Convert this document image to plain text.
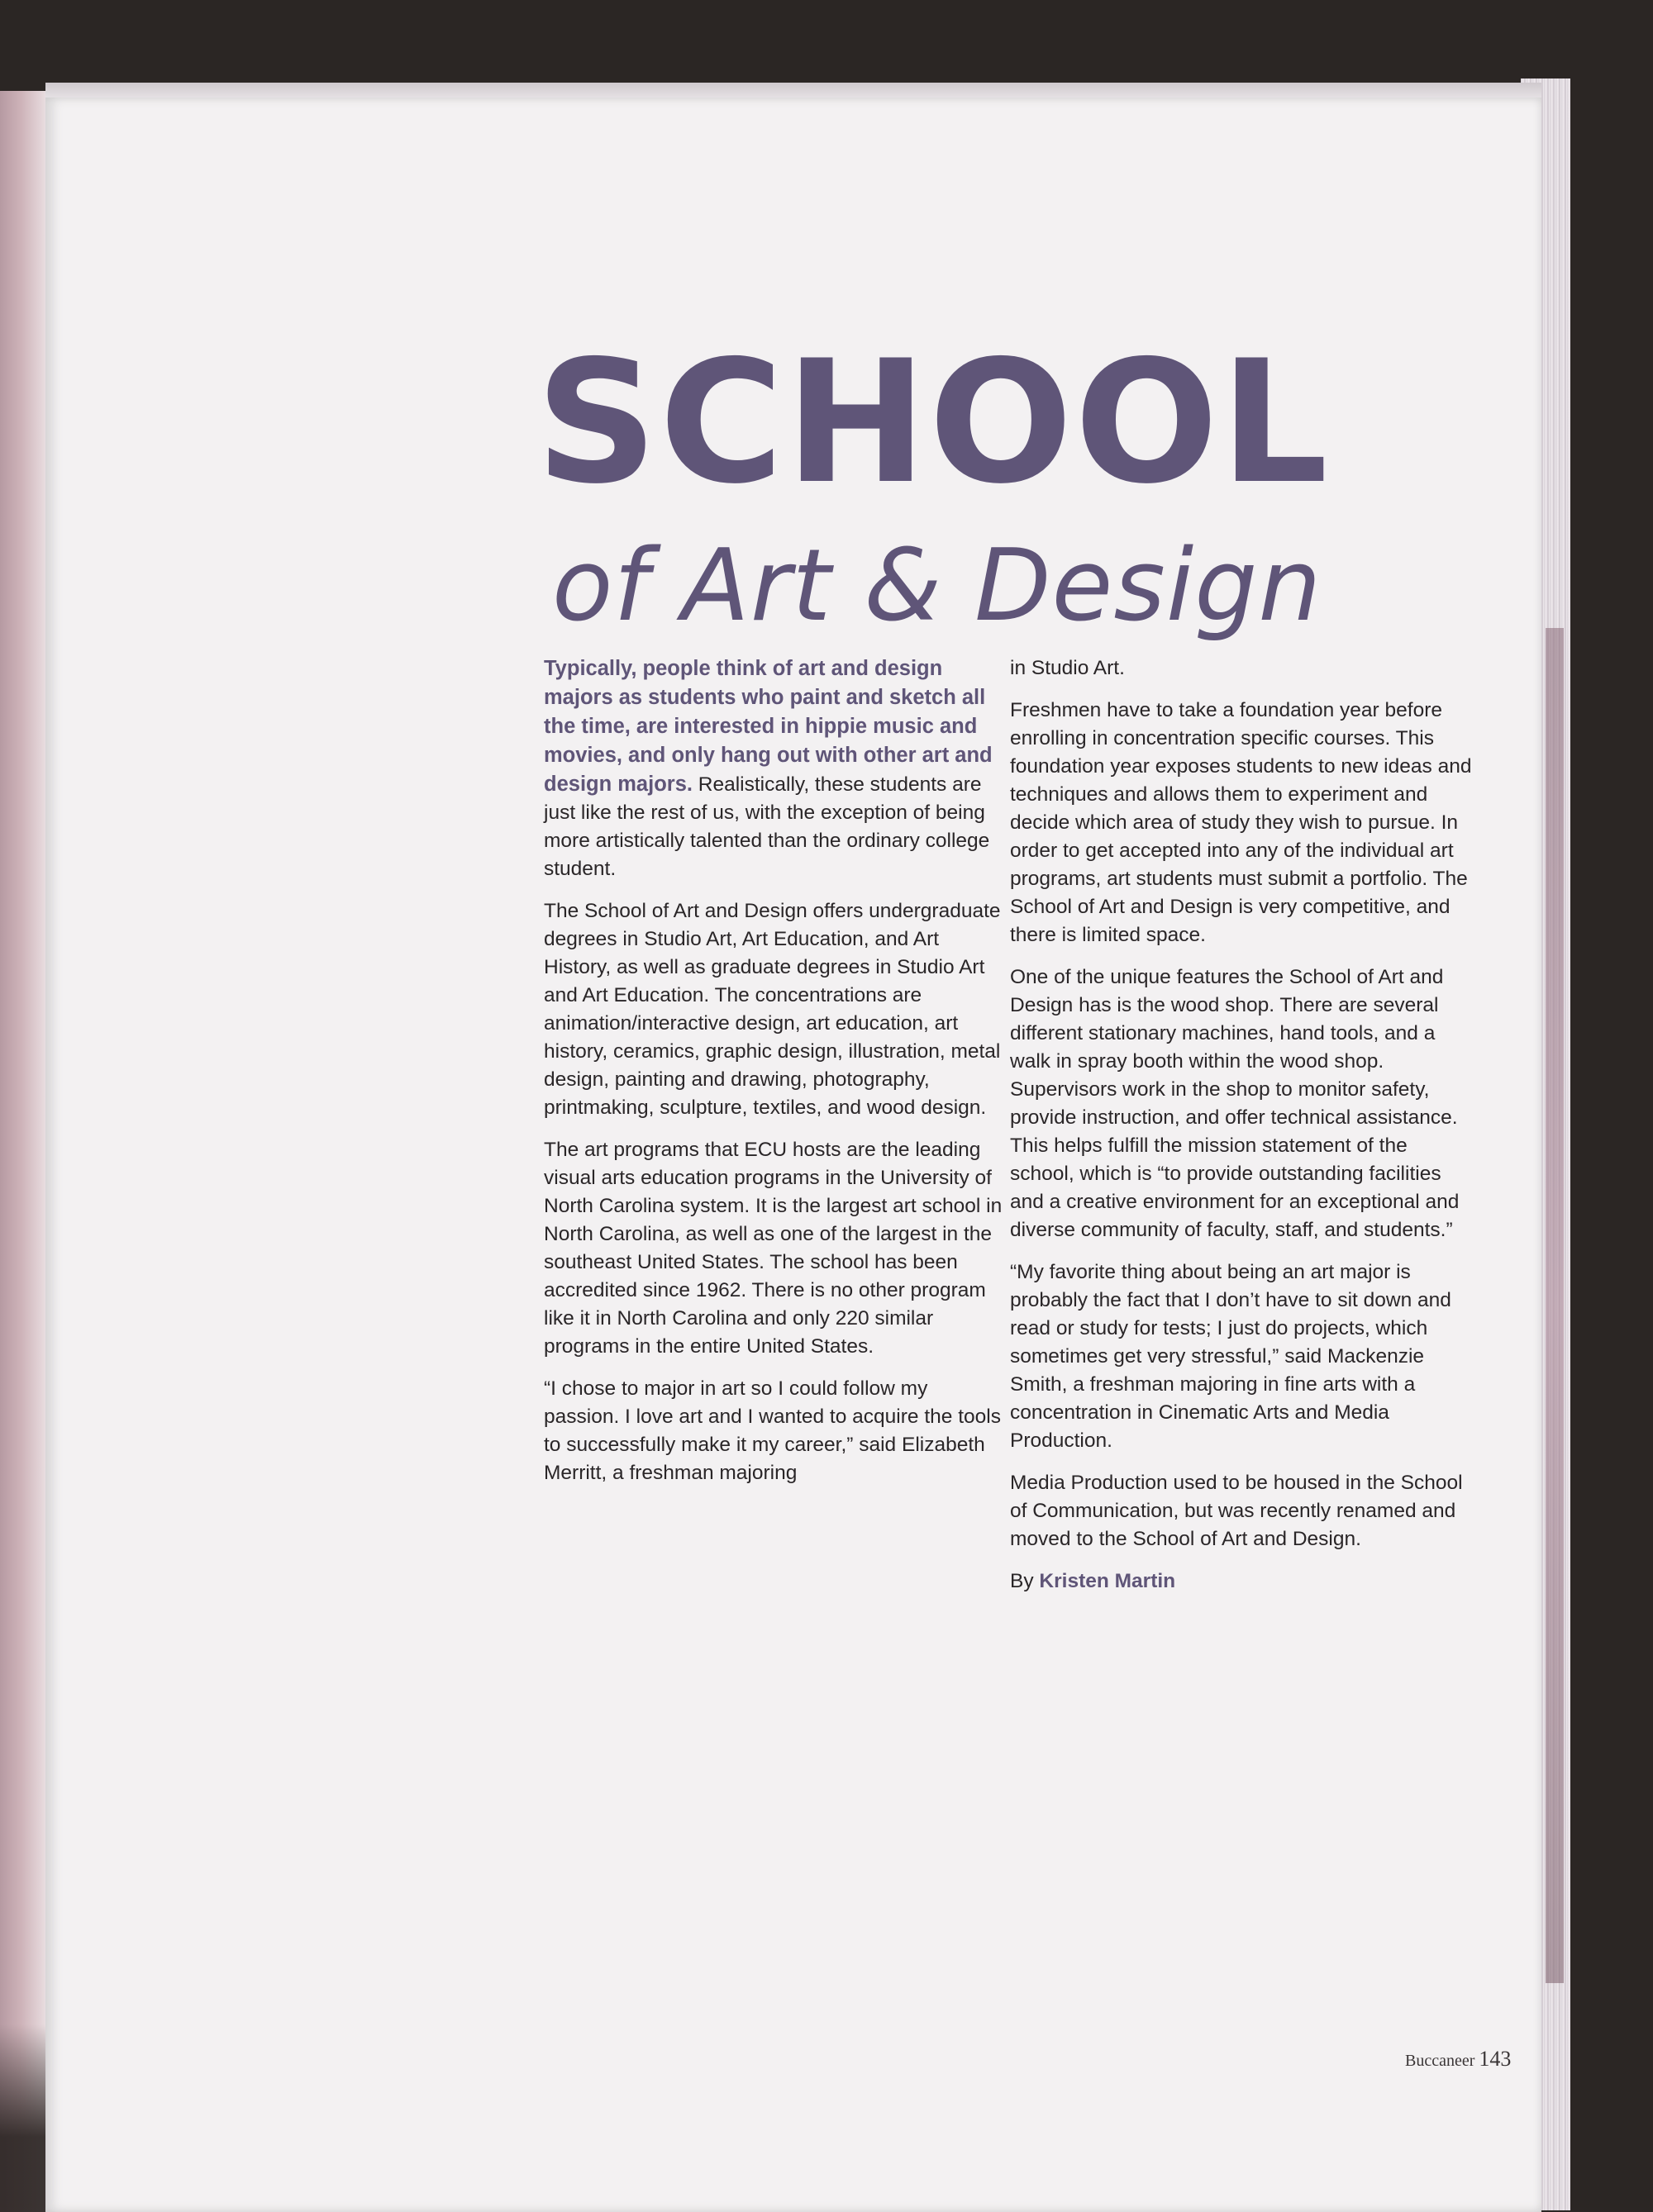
SCHOOL
of Art & Design

Typically, people think of art and design majors as students who paint and sketch all the time, are interested in hippie music and movies, and only hang out with other art and design majors. Realistically, these students are just like the rest of us, with the exception of being more artistically talented than the ordinary college student.

The School of Art and Design offers undergraduate degrees in Studio Art, Art Education, and Art History, as well as graduate degrees in Studio Art and Art Education. The concentrations are animation/interactive design, art education, art history, ceramics, graphic design, illustration, metal design, painting and drawing, photography, printmaking, sculpture, textiles, and wood design.

The art programs that ECU hosts are the leading visual arts education programs in the University of North Carolina system. It is the largest art school in North Carolina, as well as one of the largest in the southeast United States. The school has been accredited since 1962. There is no other program like it in North Carolina and only 220 similar programs in the entire United States.

“I chose to major in art so I could follow my passion. I love art and I wanted to acquire the tools to successfully make it my career,” said Elizabeth Merritt, a freshman majoring

in Studio Art.

Freshmen have to take a foundation year before enrolling in concentration specific courses. This foundation year exposes students to new ideas and techniques and allows them to experiment and decide which area of study they wish to pursue. In order to get accepted into any of the individual art programs, art students must submit a portfolio. The School of Art and Design is very competitive, and there is limited space.

One of the unique features the School of Art and Design has is the wood shop. There are several different stationary machines, hand tools, and a walk in spray booth within the wood shop. Supervisors work in the shop to monitor safety, provide instruction, and offer technical assistance. This helps fulfill the mission statement of the school, which is “to provide outstanding facilities and a creative environment for an exceptional and diverse community of faculty, staff, and students.”

“My favorite thing about being an art major is probably the fact that I don’t have to sit down and read or study for tests; I just do projects, which sometimes get very stressful,” said Mackenzie Smith, a freshman majoring in fine arts with a concentration in Cinematic Arts and Media Production.

Media Production used to be housed in the School of Communication, but was recently renamed and moved to the School of Art and Design.

By Kristen Martin

Buccaneer 143
